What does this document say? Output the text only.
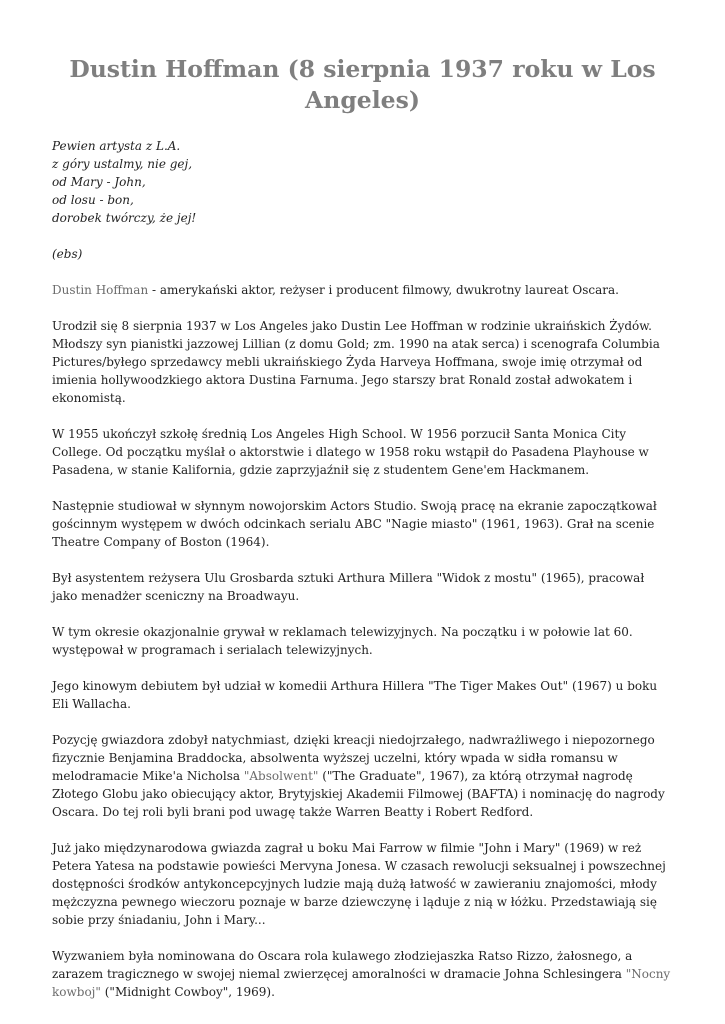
Dustin Hoffman (8 sierpnia 1937 roku w Los Angeles)

Pewien artysta z L.A.

z góry ustalmy, nie gej,

od Mary - John,

od losu - bon,

dorobek twórczy, że jej!

(ebs)

Dustin Hoffman - amerykański aktor, reżyser i producent filmowy, dwukrotny laureat Oscara.

Urodził się 8 sierpnia 1937 w Los Angeles jako Dustin Lee Hoffman w rodzinie ukraińskich Żydów. Młodszy syn pianistki jazzowej Lillian (z domu Gold; zm. 1990 na atak serca) i scenografa Columbia Pictures/byłego sprzedawcy mebli ukraińskiego Żyda Harveya Hoffmana, swoje imię otrzymał od imienia hollywoodzkiego aktora Dustina Farnuma. Jego starszy brat Ronald został adwokatem i ekonomistą.

W 1955 ukończył szkołę średnią Los Angeles High School. W 1956 porzucił Santa Monica City College. Od początku myślał o aktorstwie i dlatego w 1958 roku wstąpił do Pasadena Playhouse w Pasadena, w stanie Kalifornia, gdzie zaprzyjaźnił się z studentem Gene'em Hackmanem.

Następnie studiował w słynnym nowojorskim Actors Studio. Swoją pracę na ekranie zapoczątkował gościnnym występem w dwóch odcinkach serialu ABC "Nagie miasto" (1961, 1963). Grał na scenie Theatre Company of Boston (1964).

Był asystentem reżysera Ulu Grosbarda sztuki Arthura Millera "Widok z mostu" (1965), pracował jako menadżer sceniczny na Broadwayu.

W tym okresie okazjonalnie grywał w reklamach telewizyjnych. Na początku i w połowie lat 60. występował w programach i serialach telewizyjnych.

Jego kinowym debiutem był udział w komedii Arthura Hillera "The Tiger Makes Out" (1967) u boku Eli Wallacha.

Pozycję gwiazdora zdobył natychmiast, dzięki kreacji niedojrzałego, nadwrażliwego i niepozornego fizycznie Benjamina Braddocka, absolwenta wyższej uczelni, który wpada w sidła romansu w melodramacie Mike'a Nicholsa "Absolwent" ("The Graduate", 1967), za którą otrzymał nagrodę Złotego Globu jako obiecujący aktor, Brytyjskiej Akademii Filmowej (BAFTA) i nominację do nagrody Oscara. Do tej roli byli brani pod uwagę także Warren Beatty i Robert Redford.

Już jako międzynarodowa gwiazda zagrał u boku Mai Farrow w filmie "John i Mary" (1969) w reż Petera Yatesa na podstawie powieści Mervyna Jonesa. W czasach rewolucji seksualnej i powszechnej dostępności środków antykoncepcyjnych ludzie mają dużą łatwość w zawieraniu znajomości, młody mężczyzna pewnego wieczoru poznaje w barze dziewczynę i ląduje z nią w łóżku. Przedstawiają się sobie przy śniadaniu, John i Mary...

Wyzwaniem była nominowana do Oscara rola kulawego złodziejaszka Ratso Rizzo, żałosnego, a zarazem tragicznego w swojej niemal zwierzęcej amoralności w dramacie Johna Schlesingera "Nocny kowboj" ("Midnight Cowboy", 1969).
